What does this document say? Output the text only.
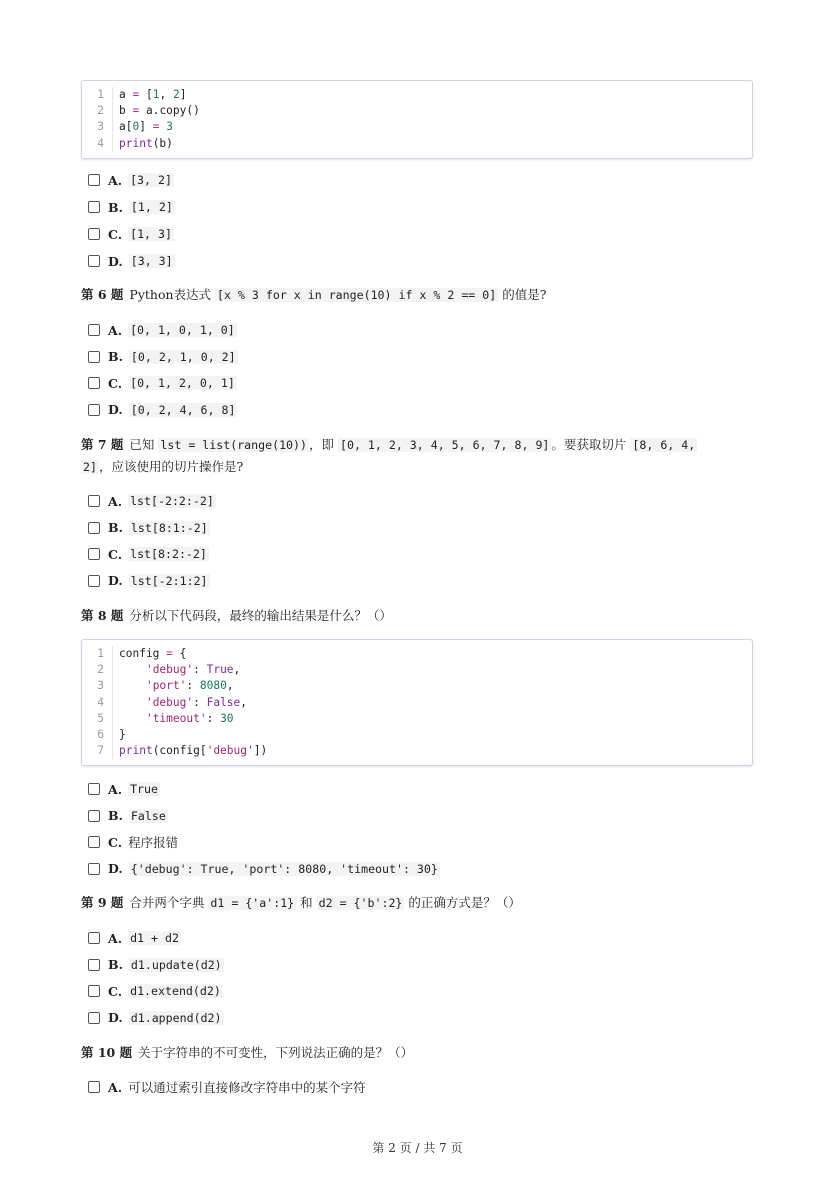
1	a = [1, 2]
2	b = a.copy()
3	a[0] = 3
4	print(b)
A. [3, 2]
B. [1, 2]
C. [1, 3]
D. [3, 3]
第 6 题 Python表达式 [x % 3 for x in range(10) if x % 2 == 0] 的值是?
A. [0, 1, 0, 1, 0]
B. [0, 2, 1, 0, 2]
C. [0, 1, 2, 0, 1]
D. [0, 2, 4, 6, 8]
第 7 题 已知 lst = list(range(10)) ，即 [0, 1, 2, 3, 4, 5, 6, 7, 8, 9] 。要获取切片 [8, 6, 4,
2] ，应该使用的切片操作是?
A. lst[-2:2:-2]
B. lst[8:1:-2]
C. lst[8:2:-2]
D. lst[-2:1:2]
第 8 题 分析以下代码段，最终的输出结果是什么？（）
1	config = {
2	'debug': True,
3	'port': 8080,
4	'debug': False,
5	'timeout': 30
6	}
7	print(config['debug'])
A. True
B. False
C. 程序报错
D. {'debug': True, 'port': 8080, 'timeout': 30}
第 9 题 合并两个字典 d1 = {'a':1} 和 d2 = {'b':2} 的正确方式是？（）
A. d1 + d2
B. d1.update(d2)
C. d1.extend(d2)
D. d1.append(d2)
第 10 题 关于字符串的不可变性，下列说法正确的是？（）
A. 可以通过索引直接修改字符串中的某个字符
第 2 页 / 共 7 页
